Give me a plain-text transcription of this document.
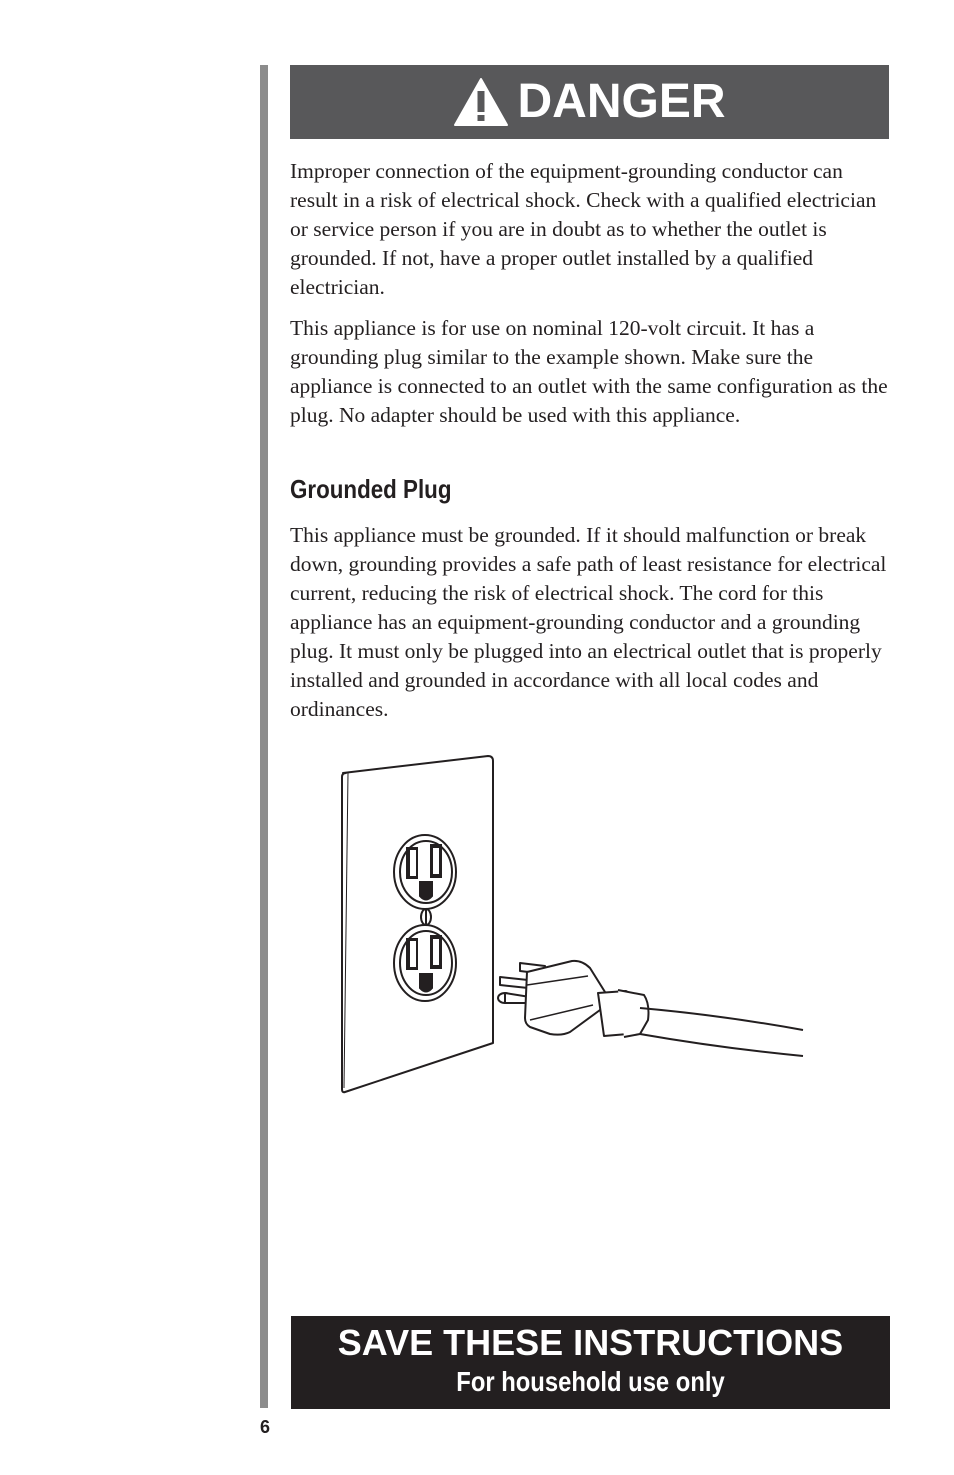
DANGER

Improper connection of the equipment-grounding conductor can result in a risk of electrical shock. Check with a qualified electrician or service person if you are in doubt as to whether the outlet is grounded. If not, have a proper outlet installed by a qualified electrician.

This appliance is for use on nominal 120-volt circuit. It has a grounding plug similar to the example shown. Make sure the appliance is connected to an outlet with the same configuration as the plug. No adapter should be used with this appliance.

Grounded Plug

This appliance must be grounded. If it should malfunction or break down, grounding provides a safe path of least resistance for electrical current, reducing the risk of electrical shock. The cord for this appliance has an equipment-grounding conductor and a grounding plug. It must only be plugged into an electrical outlet that is properly installed and grounded in accordance with all local codes and ordinances.

SAVE THESE INSTRUCTIONS
For household use only
6
